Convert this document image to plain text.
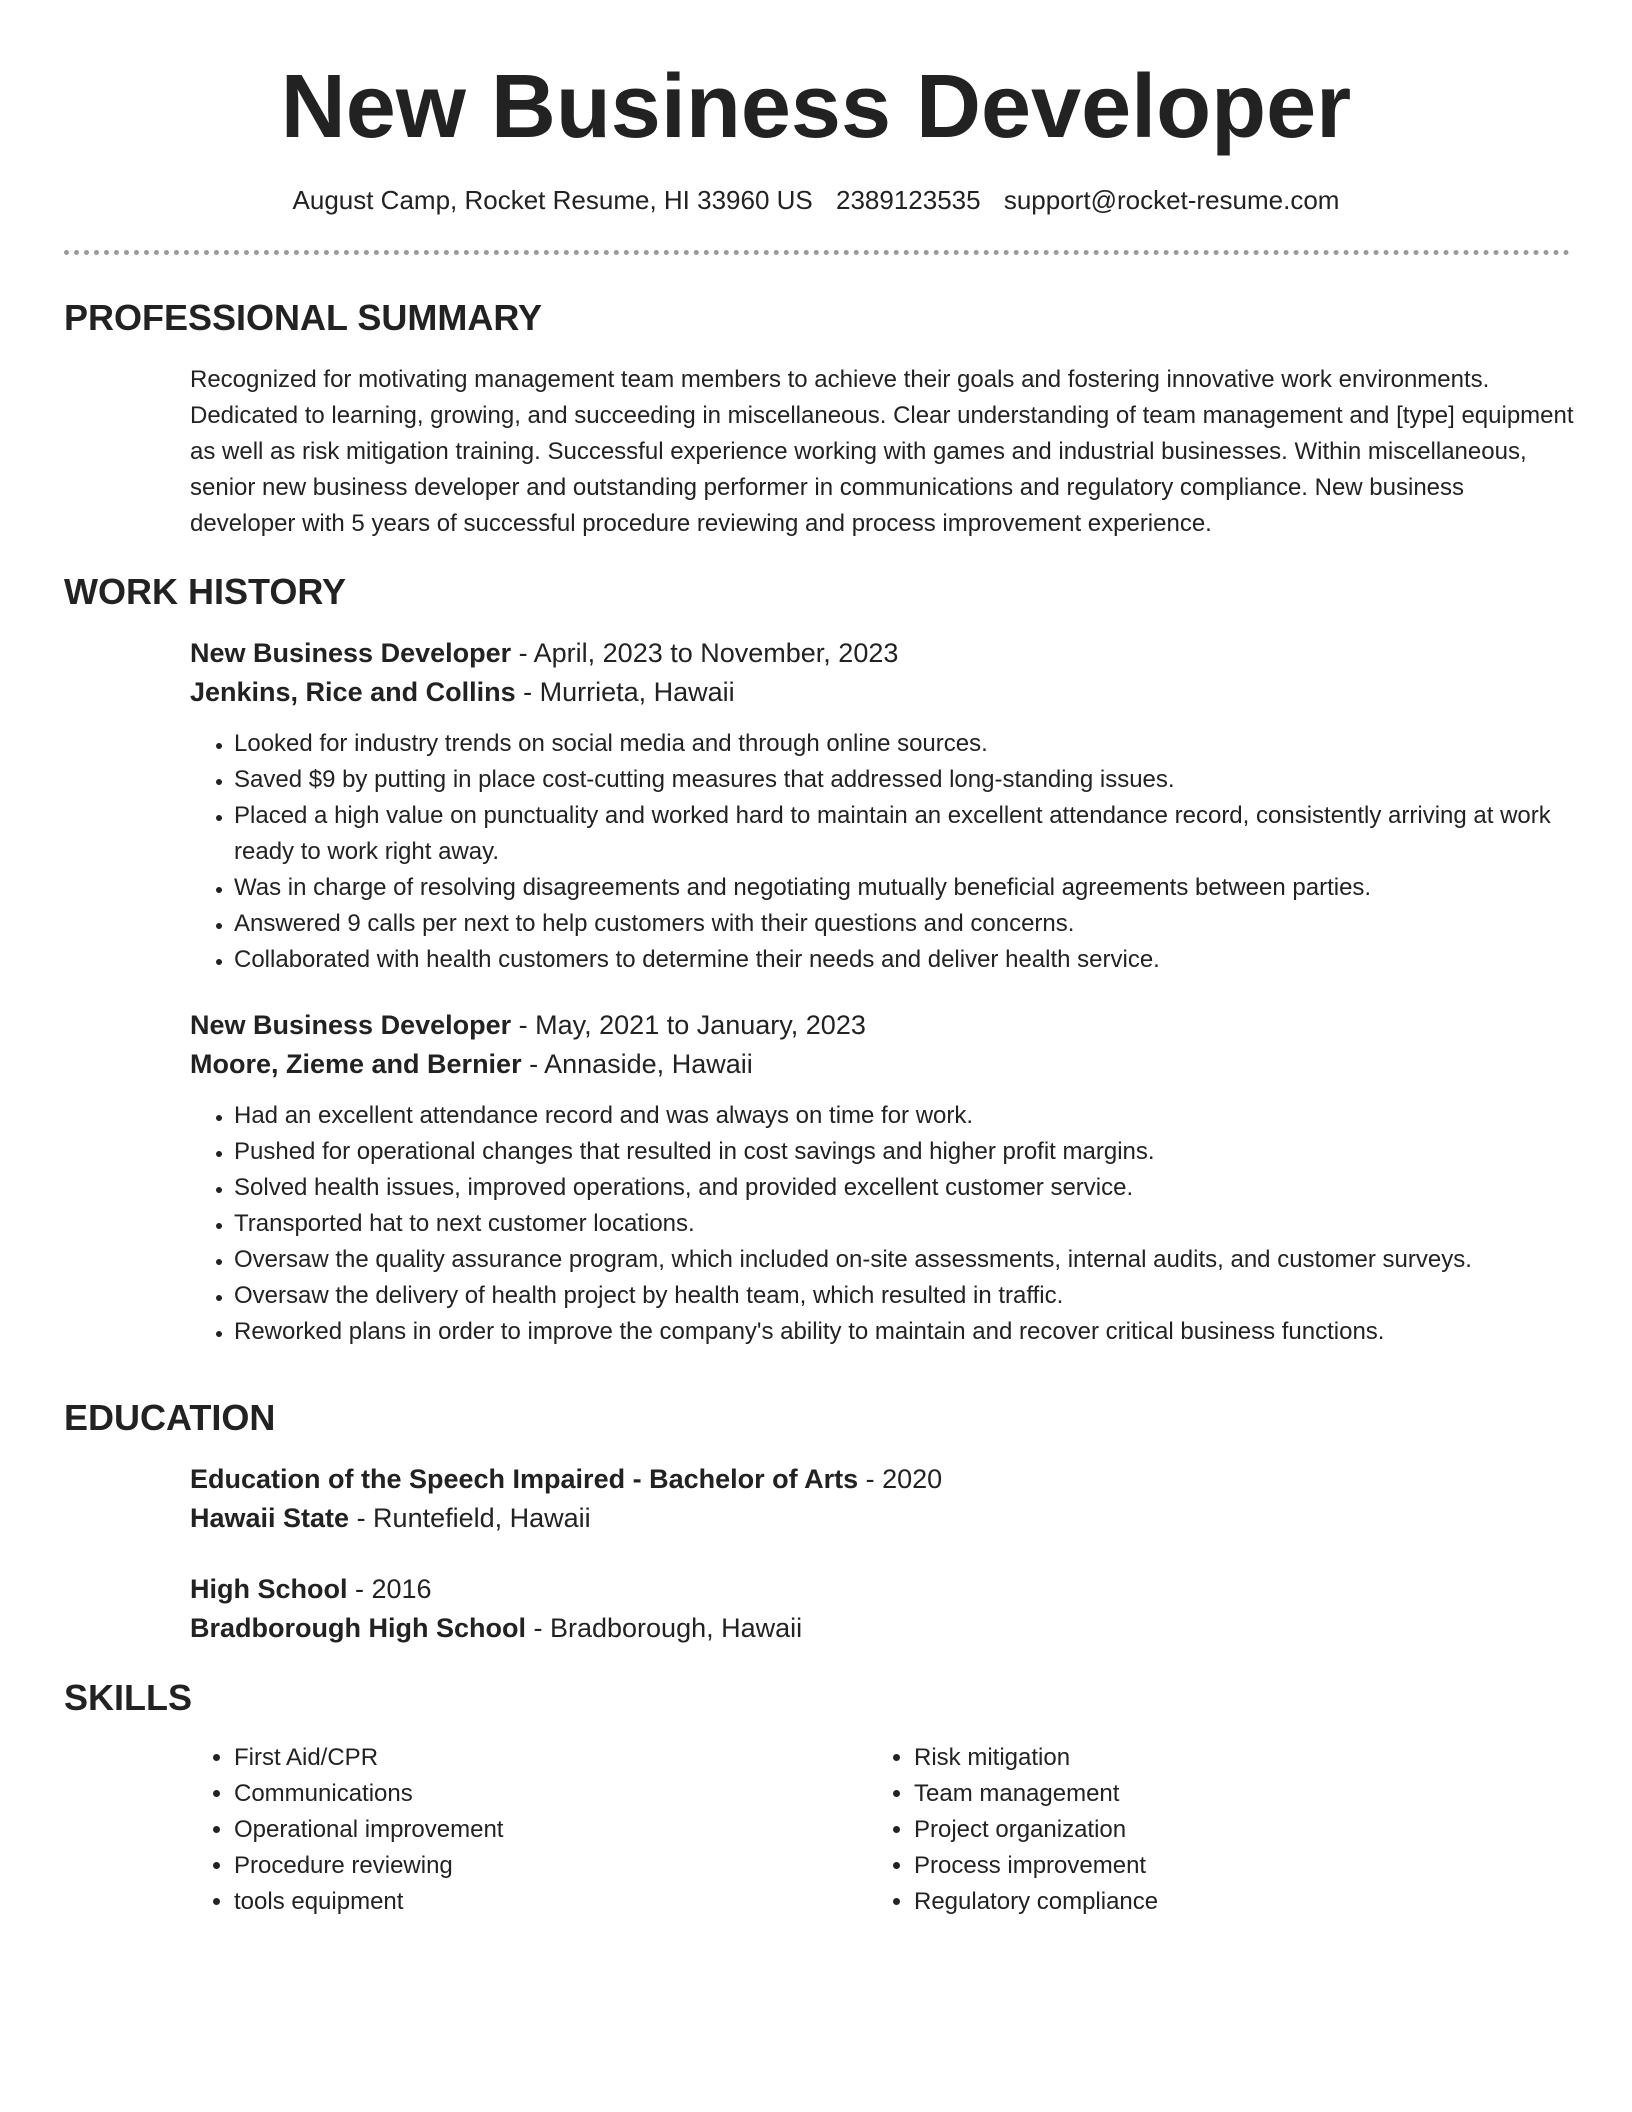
New Business Developer
August Camp, Rocket Resume, HI 33960 US 2389123535 support@rocket-resume.com
PROFESSIONAL SUMMARY
Recognized for motivating management team members to achieve their goals and fostering innovative work environments. Dedicated to learning, growing, and succeeding in miscellaneous. Clear understanding of team management and [type] equipment as well as risk mitigation training. Successful experience working with games and industrial businesses. Within miscellaneous, senior new business developer and outstanding performer in communications and regulatory compliance. New business developer with 5 years of successful procedure reviewing and process improvement experience.
WORK HISTORY
New Business Developer - April, 2023 to November, 2023
Jenkins, Rice and Collins - Murrieta, Hawaii
• Looked for industry trends on social media and through online sources.
• Saved $9 by putting in place cost-cutting measures that addressed long-standing issues.
• Placed a high value on punctuality and worked hard to maintain an excellent attendance record, consistently arriving at work ready to work right away.
• Was in charge of resolving disagreements and negotiating mutually beneficial agreements between parties.
• Answered 9 calls per next to help customers with their questions and concerns.
• Collaborated with health customers to determine their needs and deliver health service.
New Business Developer - May, 2021 to January, 2023
Moore, Zieme and Bernier - Annaside, Hawaii
• Had an excellent attendance record and was always on time for work.
• Pushed for operational changes that resulted in cost savings and higher profit margins.
• Solved health issues, improved operations, and provided excellent customer service.
• Transported hat to next customer locations.
• Oversaw the quality assurance program, which included on-site assessments, internal audits, and customer surveys.
• Oversaw the delivery of health project by health team, which resulted in traffic.
• Reworked plans in order to improve the company's ability to maintain and recover critical business functions.
EDUCATION
Education of the Speech Impaired - Bachelor of Arts - 2020
Hawaii State - Runtefield, Hawaii
High School - 2016
Bradborough High School - Bradborough, Hawaii
SKILLS
• First Aid/CPR
• Communications
• Operational improvement
• Procedure reviewing
• tools equipment
• Risk mitigation
• Team management
• Project organization
• Process improvement
• Regulatory compliance
